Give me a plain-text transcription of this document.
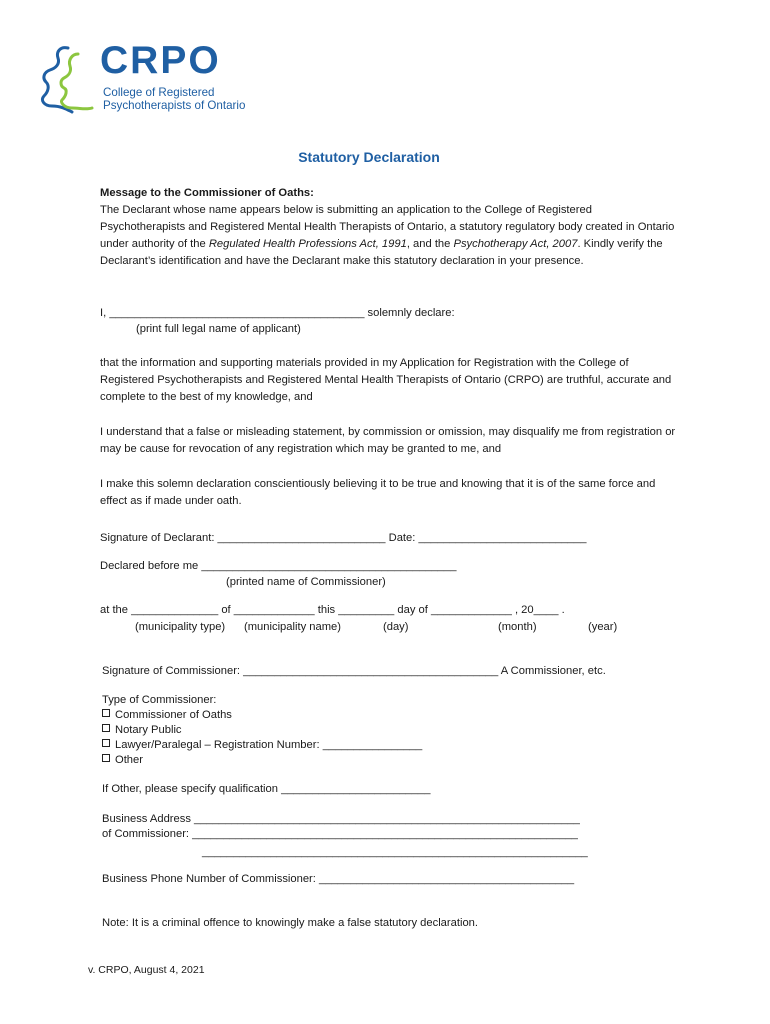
CRPO
College of Registered
Psychotherapists of Ontario
Statutory Declaration
Message to the Commissioner of Oaths:
The Declarant whose name appears below is submitting an application to the College of Registered Psychotherapists and Registered Mental Health Therapists of Ontario, a statutory regulatory body created in Ontario under authority of the Regulated Health Professions Act, 1991, and the Psychotherapy Act, 2007. Kindly verify the Declarant’s identification and have the Declarant make this statutory declaration in your presence.
I, _________________________________________ solemnly declare:
(print full legal name of applicant)
that the information and supporting materials provided in my Application for Registration with the College of Registered Psychotherapists and Registered Mental Health Therapists of Ontario (CRPO) are truthful, accurate and complete to the best of my knowledge, and
I understand that a false or misleading statement, by commission or omission, may disqualify me from registration or may be cause for revocation of any registration which may be granted to me, and
I make this solemn declaration conscientiously believing it to be true and knowing that it is of the same force and effect as if made under oath.
Signature of Declarant: ___________________________ Date: ___________________________
Declared before me _________________________________________
(printed name of Commissioner)
at the ______________ of _____________ this _________ day of _____________ , 20____ .
(municipality type) (municipality name)	(day)	(month)	(year)
Signature of Commissioner: _________________________________________ A Commissioner, etc.
Type of Commissioner:
Commissioner of Oaths
Notary Public
Lawyer/Paralegal – Registration Number: ________________
Other
If Other, please specify qualification ________________________
Business Address ______________________________________________________________
of Commissioner: ______________________________________________________________
______________________________________________________________
Business Phone Number of Commissioner: _________________________________________
Note: It is a criminal offence to knowingly make a false statutory declaration.
v. CRPO, August 4, 2021
